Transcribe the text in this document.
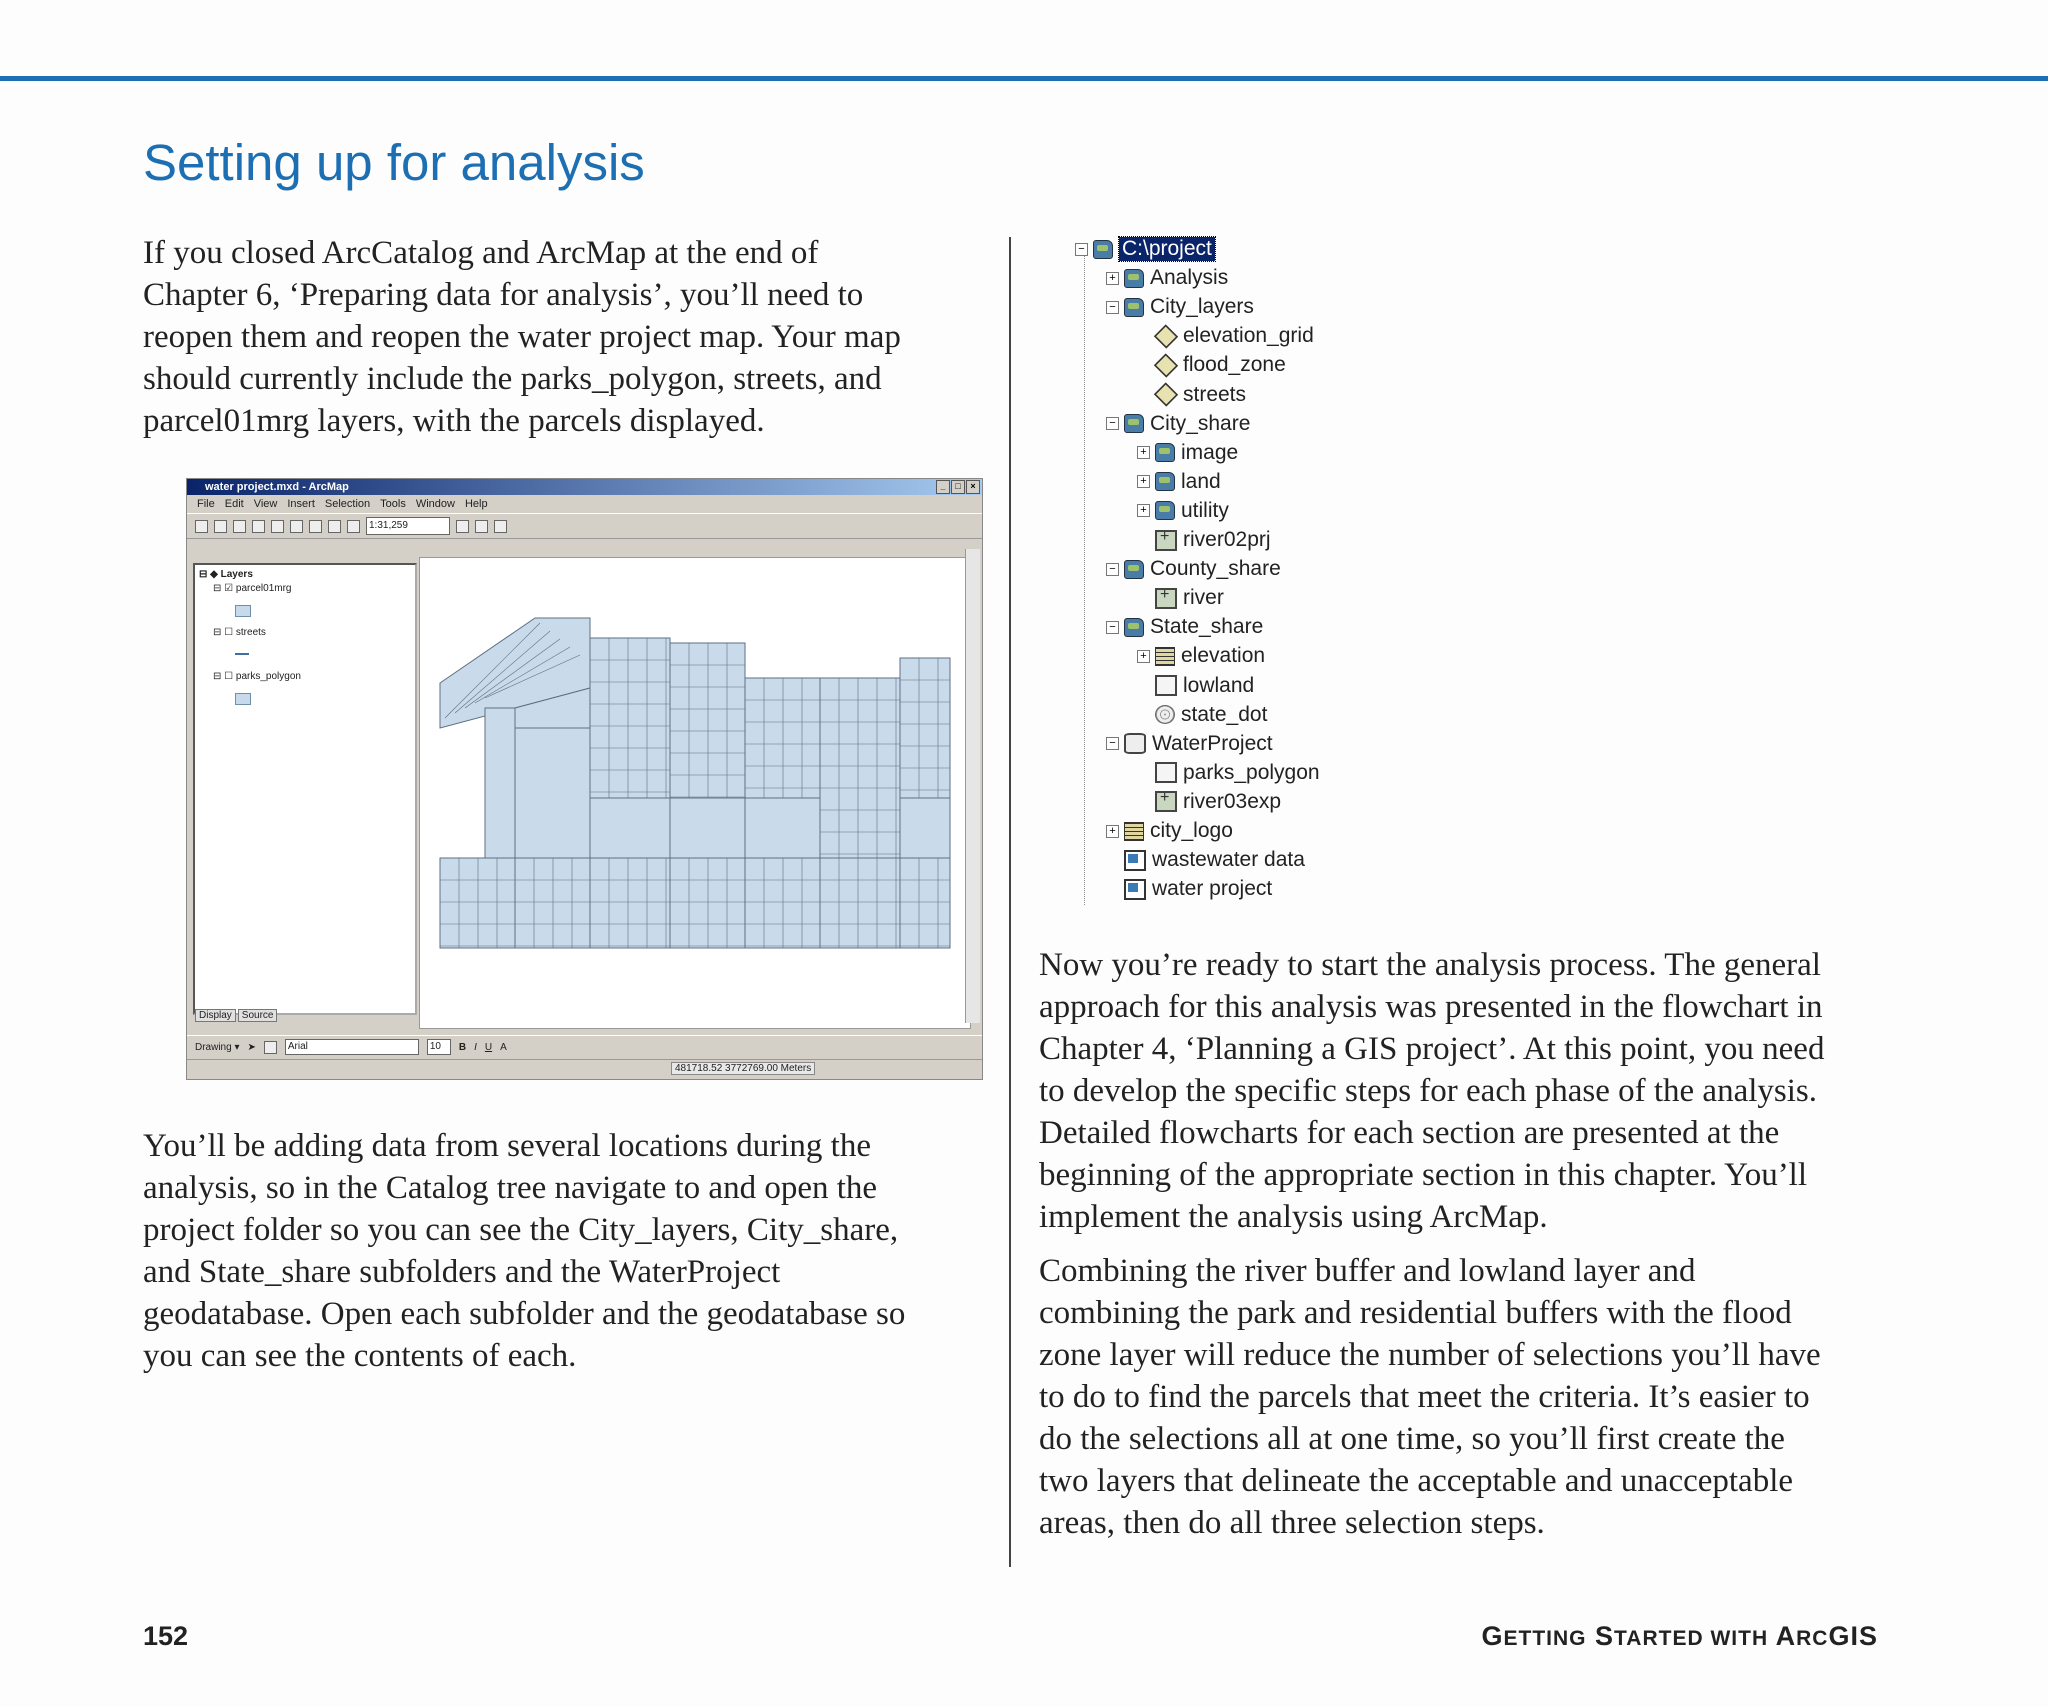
Setting up for analysis

If you closed ArcCatalog and ArcMap at the end of
Chapter 6, ‘Preparing data for analysis’, you’ll need to
reopen them and reopen the water project map. Your map
should currently include the parks_polygon, streets, and
parcel01mrg layers, with the parcels displayed.

water project.mxd - ArcMap	_	□	×
File Edit View Insert Selection Tools Window Help
1:31,259
⊟ ◆ Layers
⊟ ☑ parcel01mrg
⊟ ☐ streets
⊟ ☐ parks_polygon
Display	Source
Drawing ▾ ➤	Arial	10	B I U A
481718.52 3772769.00 Meters

You’ll be adding data from several locations during the
analysis, so in the Catalog tree navigate to and open the
project folder so you can see the City_layers, City_share,
and State_share subfolders and the WaterProject
geodatabase. Open each subfolder and the geodatabase so
you can see the contents of each.

− C:\project
+ Analysis
− City_layers
elevation_grid
flood_zone
streets
− City_share
+ image
+ land
+ utility
+
river02prj
− County_share
+
river
− State_share
+ elevation
lowland
state_dot
− WaterProject
parks_polygon
+
river03exp
+ city_logo
wastewater data
water project

Now you’re ready to start the analysis process. The general
approach for this analysis was presented in the flowchart in
Chapter 4, ‘Planning a GIS project’. At this point, you need
to develop the specific steps for each phase of the analysis.
Detailed flowcharts for each section are presented at the
beginning of the appropriate section in this chapter. You’ll
implement the analysis using ArcMap.

Combining the river buffer and lowland layer and
combining the park and residential buffers with the flood
zone layer will reduce the number of selections you’ll have
to do to find the parcels that meet the criteria. It’s easier to
do the selections all at one time, so you’ll first create the
two layers that delineate the acceptable and unacceptable
areas, then do all three selection steps.

152	GETTING STARTED WITH ARCGIS
